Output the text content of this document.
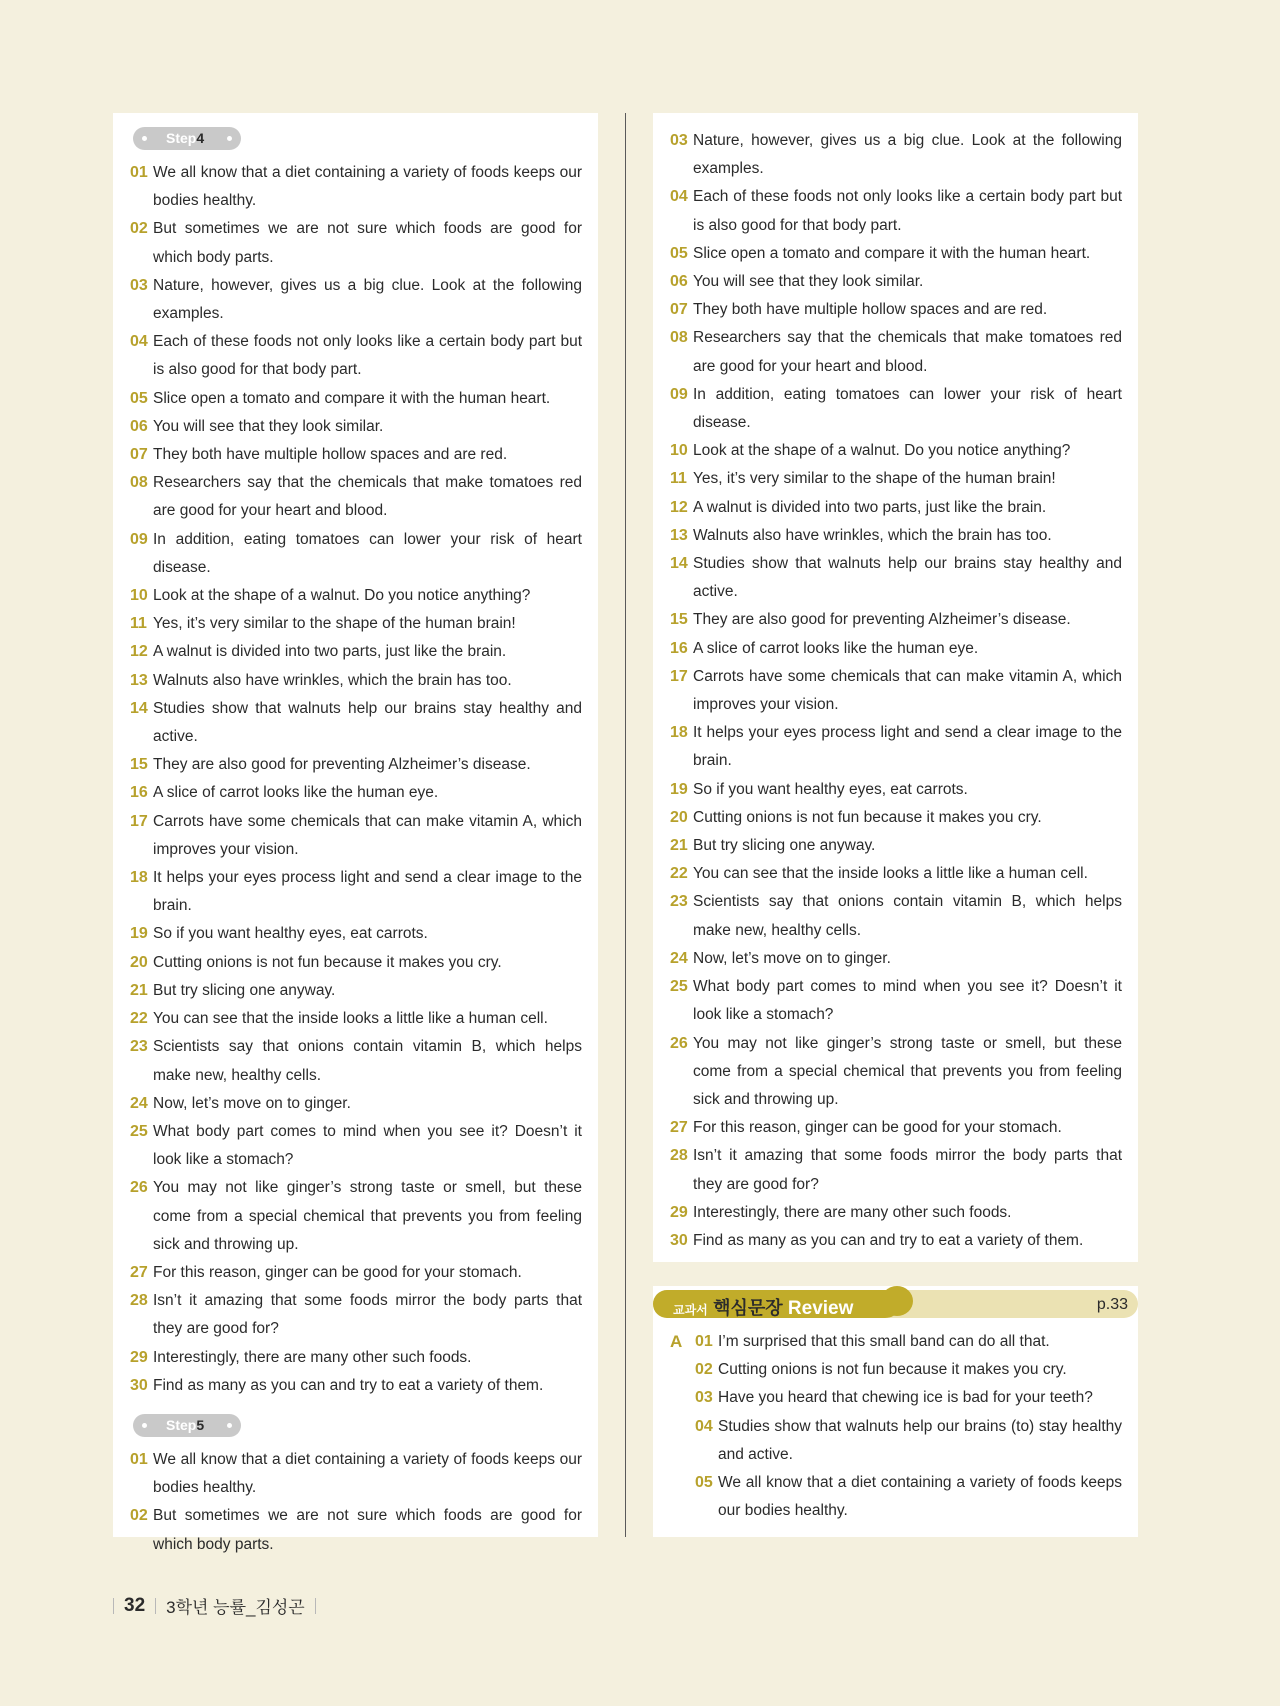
Step4
01 We all know that a diet containing a variety of foods keeps our bodies healthy.
02 But sometimes we are not sure which foods are good for which body parts.
03 Nature, however, gives us a big clue. Look at the following examples.
04 Each of these foods not only looks like a certain body part but is also good for that body part.
05 Slice open a tomato and compare it with the human heart.
06 You will see that they look similar.
07 They both have multiple hollow spaces and are red.
08 Researchers say that the chemicals that make tomatoes red are good for your heart and blood.
09 In addition, eating tomatoes can lower your risk of heart disease.
10 Look at the shape of a walnut. Do you notice anything?
11 Yes, it’s very similar to the shape of the human brain!
12 A walnut is divided into two parts, just like the brain.
13 Walnuts also have wrinkles, which the brain has too.
14 Studies show that walnuts help our brains stay healthy and active.
15 They are also good for preventing Alzheimer’s disease.
16 A slice of carrot looks like the human eye.
17 Carrots have some chemicals that can make vitamin A, which improves your vision.
18 It helps your eyes process light and send a clear image to the brain.
19 So if you want healthy eyes, eat carrots.
20 Cutting onions is not fun because it makes you cry.
21 But try slicing one anyway.
22 You can see that the inside looks a little like a human cell.
23 Scientists say that onions contain vitamin B, which helps make new, healthy cells.
24 Now, let’s move on to ginger.
25 What body part comes to mind when you see it? Doesn’t it look like a stomach?
26 You may not like ginger’s strong taste or smell, but these come from a special chemical that prevents you from feeling sick and throwing up.
27 For this reason, ginger can be good for your stomach.
28 Isn’t it amazing that some foods mirror the body parts that they are good for?
29 Interestingly, there are many other such foods.
30 Find as many as you can and try to eat a variety of them.
Step5
01 We all know that a diet containing a variety of foods keeps our bodies healthy.
02 But sometimes we are not sure which foods are good for which body parts.
03 Nature, however, gives us a big clue. Look at the following examples.
04 Each of these foods not only looks like a certain body part but is also good for that body part.
05 Slice open a tomato and compare it with the human heart.
06 You will see that they look similar.
07 They both have multiple hollow spaces and are red.
08 Researchers say that the chemicals that make tomatoes red are good for your heart and blood.
09 In addition, eating tomatoes can lower your risk of heart disease.
10 Look at the shape of a walnut. Do you notice anything?
11 Yes, it’s very similar to the shape of the human brain!
12 A walnut is divided into two parts, just like the brain.
13 Walnuts also have wrinkles, which the brain has too.
14 Studies show that walnuts help our brains stay healthy and active.
15 They are also good for preventing Alzheimer’s disease.
16 A slice of carrot looks like the human eye.
17 Carrots have some chemicals that can make vitamin A, which improves your vision.
18 It helps your eyes process light and send a clear image to the brain.
19 So if you want healthy eyes, eat carrots.
20 Cutting onions is not fun because it makes you cry.
21 But try slicing one anyway.
22 You can see that the inside looks a little like a human cell.
23 Scientists say that onions contain vitamin B, which helps make new, healthy cells.
24 Now, let’s move on to ginger.
25 What body part comes to mind when you see it? Doesn’t it look like a stomach?
26 You may not like ginger’s strong taste or smell, but these come from a special chemical that prevents you from feeling sick and throwing up.
27 For this reason, ginger can be good for your stomach.
28 Isn’t it amazing that some foods mirror the body parts that they are good for?
29 Interestingly, there are many other such foods.
30 Find as many as you can and try to eat a variety of them.
교과서 핵심문장 Review	p.33
A 01 I’m surprised that this small band can do all that.
02 Cutting onions is not fun because it makes you cry.
03 Have you heard that chewing ice is bad for your teeth?
04 Studies show that walnuts help our brains (to) stay healthy and active.
05 We all know that a diet containing a variety of foods keeps our bodies healthy.
32 3학년 능률_김성곤
